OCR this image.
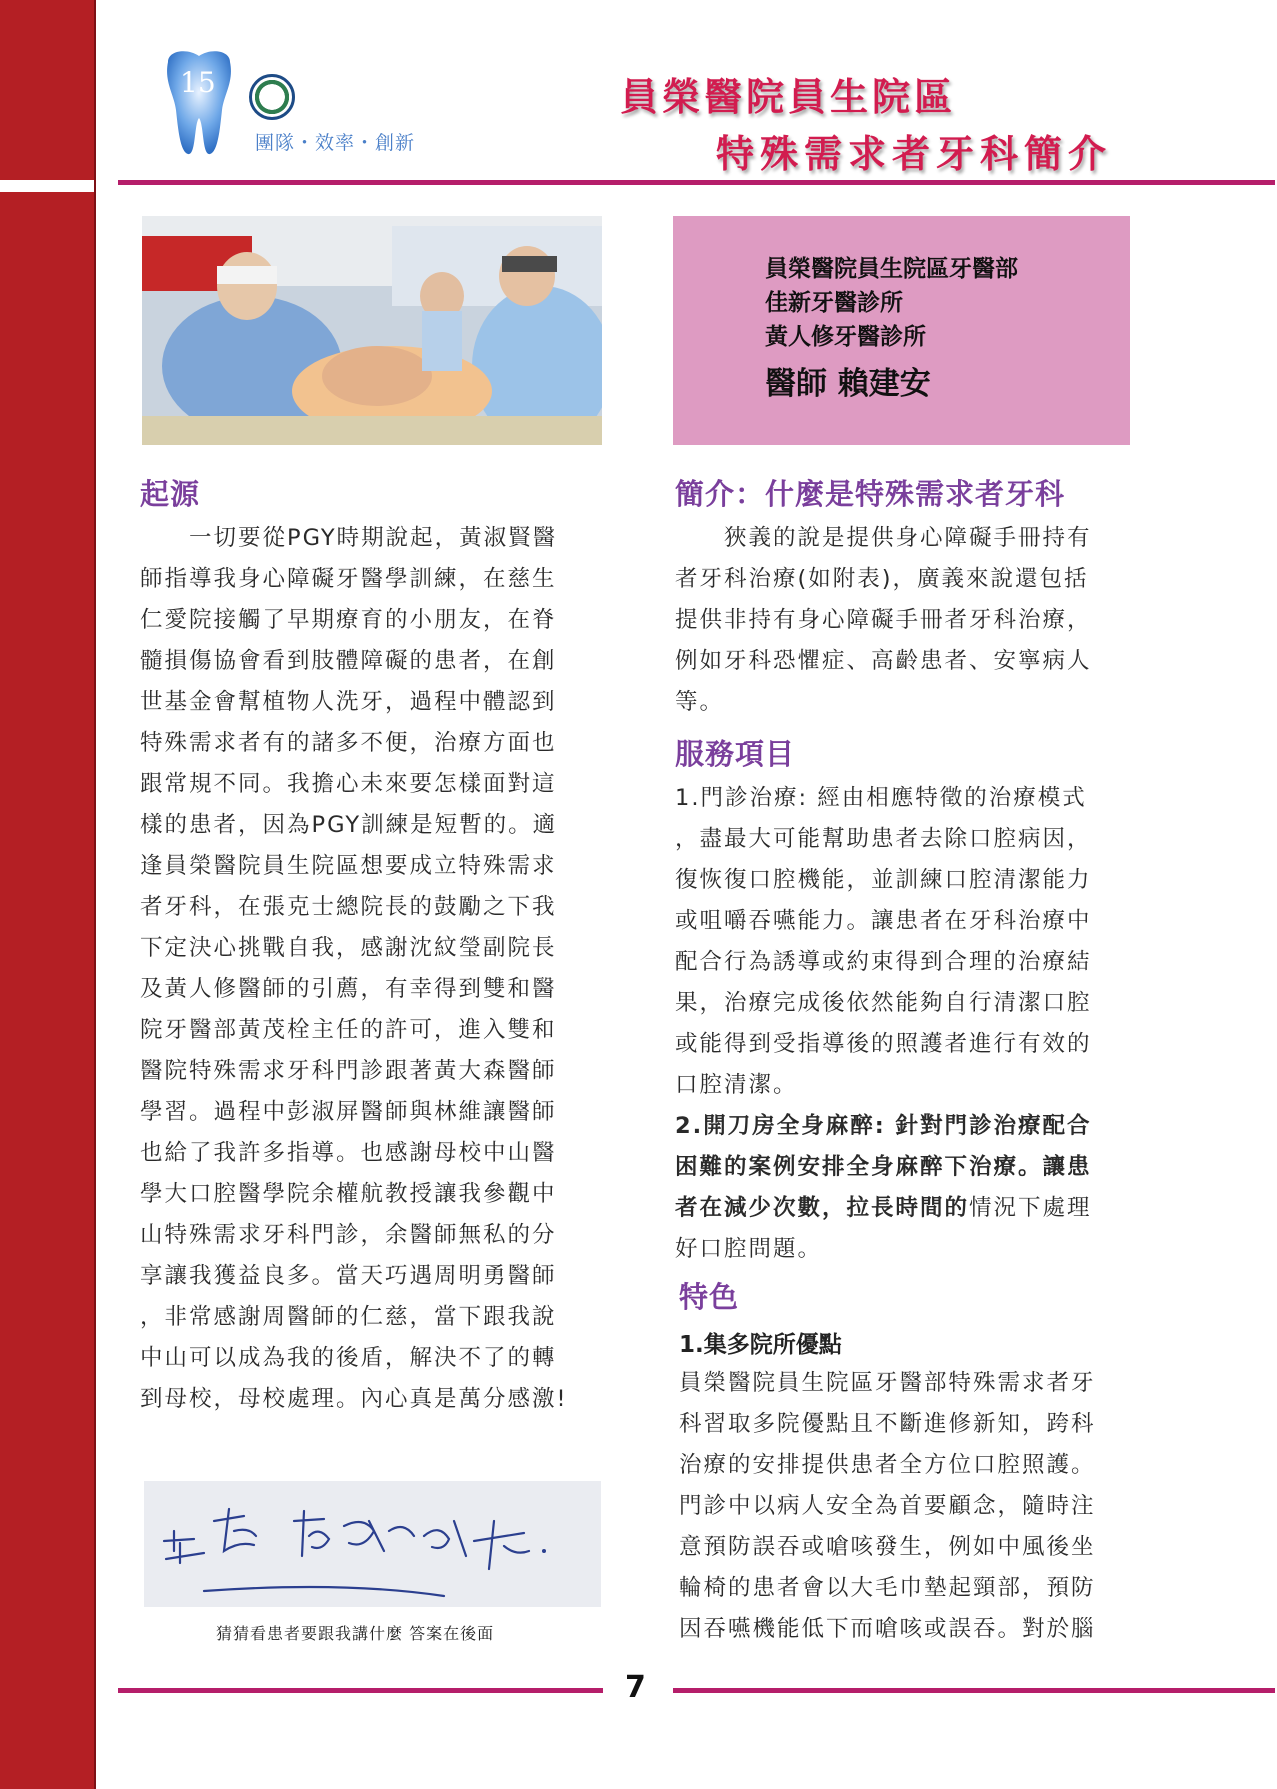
15
團隊・效率・創新
員榮醫院員生院區
特殊需求者牙科簡介
員榮醫院員生院區牙醫部
佳新牙醫診所
黃人修牙醫診所
醫師 賴建安
起源
　　一切要從PGY時期說起，黃淑賢醫
師指導我身心障礙牙醫學訓練，在慈生
仁愛院接觸了早期療育的小朋友，在脊
髓損傷協會看到肢體障礙的患者，在創
世基金會幫植物人洗牙，過程中體認到
特殊需求者有的諸多不便，治療方面也
跟常規不同。我擔心未來要怎樣面對這
樣的患者，因為PGY訓練是短暫的。適
逢員榮醫院員生院區想要成立特殊需求
者牙科，在張克士總院長的鼓勵之下我
下定決心挑戰自我，感謝沈紋瑩副院長
及黃人修醫師的引薦，有幸得到雙和醫
院牙醫部黃茂栓主任的許可，進入雙和
醫院特殊需求牙科門診跟著黃大森醫師
學習。過程中彭淑屏醫師與林維讓醫師
也給了我許多指導。也感謝母校中山醫
學大口腔醫學院余權航教授讓我參觀中
山特殊需求牙科門診，余醫師無私的分
享讓我獲益良多。當天巧遇周明勇醫師
，非常感謝周醫師的仁慈，當下跟我說
中山可以成為我的後盾，解決不了的轉
到母校，母校處理。內心真是萬分感激!
猜猜看患者要跟我講什麼 答案在後面
簡介：什麼是特殊需求者牙科
　　狹義的說是提供身心障礙手冊持有
者牙科治療(如附表)，廣義來說還包括
提供非持有身心障礙手冊者牙科治療，
例如牙科恐懼症、高齡患者、安寧病人
等。
服務項目
1.門診治療: 經由相應特徵的治療模式
，盡最大可能幫助患者去除口腔病因，
復恢復口腔機能，並訓練口腔清潔能力
或咀嚼吞嚥能力。讓患者在牙科治療中
配合行為誘導或約束得到合理的治療結
果，治療完成後依然能夠自行清潔口腔
或能得到受指導後的照護者進行有效的
口腔清潔。
2.開刀房全身麻醉: 針對門診治療配合
困難的案例安排全身麻醉下治療。讓患
者在減少次數，拉長時間的情況下處理
好口腔問題。
特色
1.集多院所優點
員榮醫院員生院區牙醫部特殊需求者牙
科習取多院優點且不斷進修新知，跨科
治療的安排提供患者全方位口腔照護。
門診中以病人安全為首要顧念，隨時注
意預防誤吞或嗆咳發生，例如中風後坐
輪椅的患者會以大毛巾墊起頸部，預防
因吞嚥機能低下而嗆咳或誤吞。對於腦
7
